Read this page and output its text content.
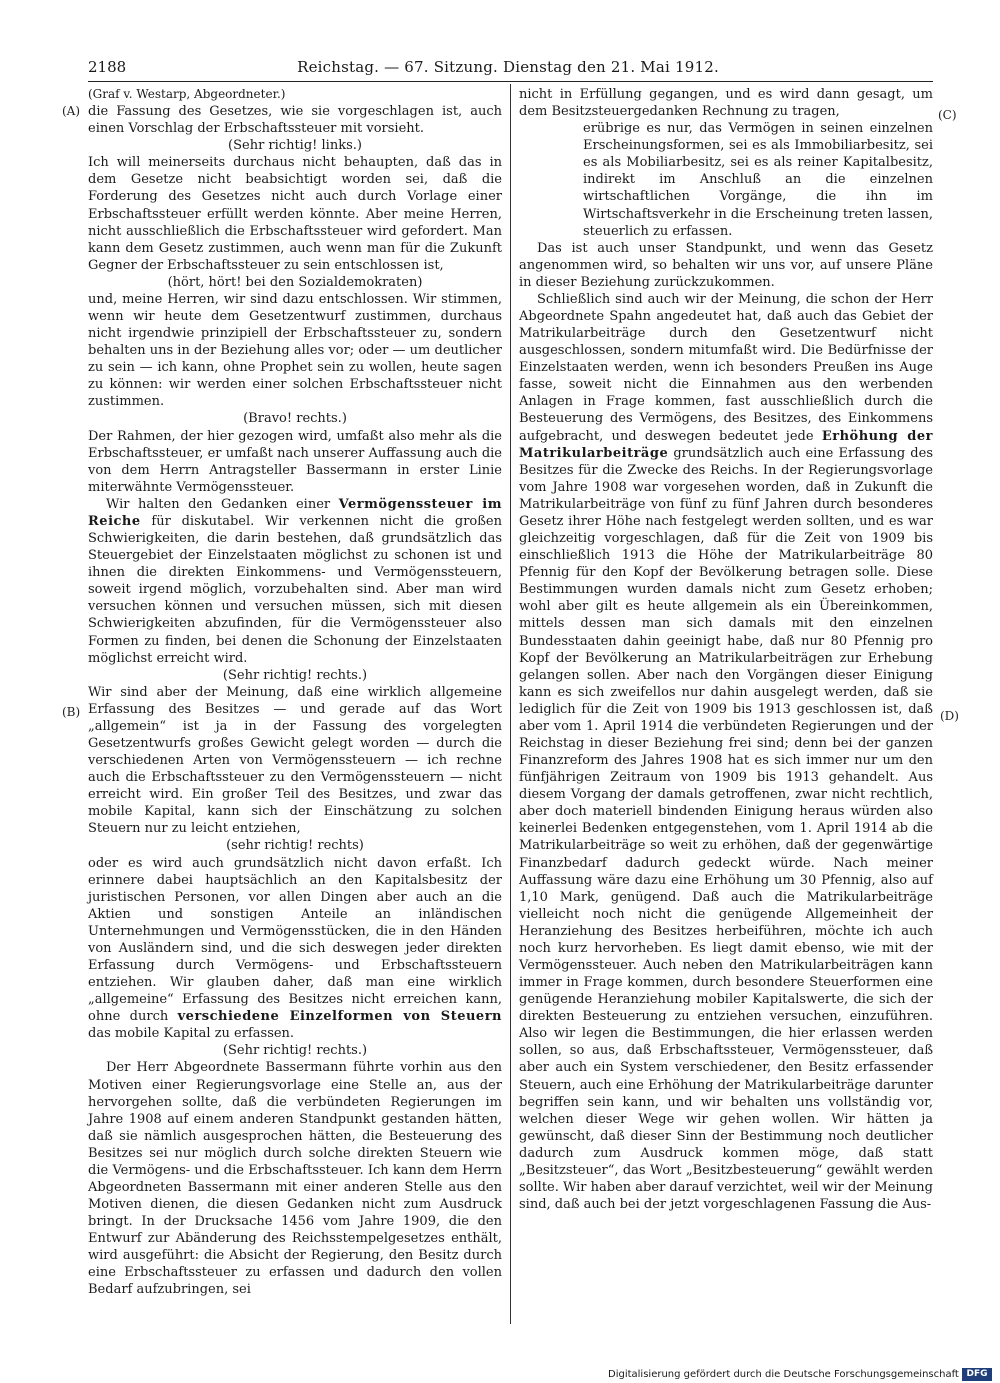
2188	Reichstag. — 67. Sitzung. Dienstag den 21. Mai 1912.
(A)
(B)
(C)
(D)

(Graf v. Westarp, Abgeordneter.)

die Fassung des Gesetzes, wie sie vorgeschlagen ist, auch einen Vorschlag der Erbschaftssteuer mit vorsieht.

(Sehr richtig! links.)

Ich will meinerseits durchaus nicht behaupten, daß das in dem Gesetze nicht beabsichtigt worden sei, daß die Forderung des Gesetzes nicht auch durch Vorlage einer Erbschaftssteuer erfüllt werden könnte. Aber meine Herren, nicht ausschließlich die Erbschaftssteuer wird gefordert. Man kann dem Gesetz zustimmen, auch wenn man für die Zukunft Gegner der Erbschaftssteuer zu sein entschlossen ist,

(hört, hört! bei den Sozialdemokraten)

und, meine Herren, wir sind dazu entschlossen. Wir stimmen, wenn wir heute dem Gesetzentwurf zustimmen, durchaus nicht irgendwie prinzipiell der Erbschaftssteuer zu, sondern behalten uns in der Beziehung alles vor; oder — um deutlicher zu sein — ich kann, ohne Prophet sein zu wollen, heute sagen zu können: wir werden einer solchen Erbschaftssteuer nicht zustimmen.

(Bravo! rechts.)

Der Rahmen, der hier gezogen wird, umfaßt also mehr als die Erbschaftssteuer, er umfaßt nach unserer Auffassung auch die von dem Herrn Antragsteller Bassermann in erster Linie miterwähnte Vermögenssteuer.

Wir halten den Gedanken einer Vermögenssteuer im Reiche für diskutabel. Wir verkennen nicht die großen Schwierigkeiten, die darin bestehen, daß grundsätzlich das Steuergebiet der Einzelstaaten möglichst zu schonen ist und ihnen die direkten Einkommens- und Vermögenssteuern, soweit irgend möglich, vorzubehalten sind. Aber man wird versuchen können und versuchen müssen, sich mit diesen Schwierigkeiten abzufinden, für die Vermögenssteuer also Formen zu finden, bei denen die Schonung der Einzelstaaten möglichst erreicht wird.

(Sehr richtig! rechts.)

Wir sind aber der Meinung, daß eine wirklich allgemeine Erfassung des Besitzes — und gerade auf das Wort „allgemein“ ist ja in der Fassung des vorgelegten Gesetzentwurfs großes Gewicht gelegt worden — durch die verschiedenen Arten von Vermögenssteuern — ich rechne auch die Erbschaftssteuer zu den Vermögenssteuern — nicht erreicht wird. Ein großer Teil des Besitzes, und zwar das mobile Kapital, kann sich der Einschätzung zu solchen Steuern nur zu leicht entziehen,

(sehr richtig! rechts)

oder es wird auch grundsätzlich nicht davon erfaßt. Ich erinnere dabei hauptsächlich an den Kapitalsbesitz der juristischen Personen, vor allen Dingen aber auch an die Aktien und sonstigen Anteile an inländischen Unternehmungen und Vermögensstücken, die in den Händen von Ausländern sind, und die sich deswegen jeder direkten Erfassung durch Vermögens- und Erbschaftssteuern entziehen. Wir glauben daher, daß man eine wirklich „allgemeine“ Erfassung des Besitzes nicht erreichen kann, ohne durch verschiedene Einzelformen von Steuern das mobile Kapital zu erfassen.

(Sehr richtig! rechts.)

Der Herr Abgeordnete Bassermann führte vorhin aus den Motiven einer Regierungsvorlage eine Stelle an, aus der hervorgehen sollte, daß die verbündeten Regierungen im Jahre 1908 auf einem anderen Standpunkt gestanden hätten, daß sie nämlich ausgesprochen hätten, die Besteuerung des Besitzes sei nur möglich durch solche direkten Steuern wie die Vermögens- und die Erbschaftssteuer. Ich kann dem Herrn Abgeordneten Bassermann mit einer anderen Stelle aus den Motiven dienen, die diesen Gedanken nicht zum Ausdruck bringt. In der Drucksache 1456 vom Jahre 1909, die den Entwurf zur Abänderung des Reichsstempelgesetzes enthält, wird ausgeführt: die Absicht der Regierung, den Besitz durch eine Erbschaftssteuer zu erfassen und dadurch den vollen Bedarf aufzubringen, sei

nicht in Erfüllung gegangen, und es wird dann gesagt, um dem Besitzsteuergedanken Rechnung zu tragen,

erübrige es nur, das Vermögen in seinen einzelnen Erscheinungsformen, sei es als Immobiliarbesitz, sei es als Mobiliarbesitz, sei es als reiner Kapitalbesitz, indirekt im Anschluß an die einzelnen wirtschaftlichen Vorgänge, die ihn im Wirtschaftsverkehr in die Erscheinung treten lassen, steuerlich zu erfassen.

Das ist auch unser Standpunkt, und wenn das Gesetz angenommen wird, so behalten wir uns vor, auf unsere Pläne in dieser Beziehung zurückzukommen.

Schließlich sind auch wir der Meinung, die schon der Herr Abgeordnete Spahn angedeutet hat, daß auch das Gebiet der Matrikularbeiträge durch den Gesetzentwurf nicht ausgeschlossen, sondern mitumfaßt wird. Die Bedürfnisse der Einzelstaaten werden, wenn ich besonders Preußen ins Auge fasse, soweit nicht die Einnahmen aus den werbenden Anlagen in Frage kommen, fast ausschließlich durch die Besteuerung des Vermögens, des Besitzes, des Einkommens aufgebracht, und deswegen bedeutet jede Erhöhung der Matrikularbeiträge grundsätzlich auch eine Erfassung des Besitzes für die Zwecke des Reichs. In der Regierungsvorlage vom Jahre 1908 war vorgesehen worden, daß in Zukunft die Matrikularbeiträge von fünf zu fünf Jahren durch besonderes Gesetz ihrer Höhe nach festgelegt werden sollten, und es war gleichzeitig vorgeschlagen, daß für die Zeit von 1909 bis einschließlich 1913 die Höhe der Matrikularbeiträge 80 Pfennig für den Kopf der Bevölkerung betragen solle. Diese Bestimmungen wurden damals nicht zum Gesetz erhoben; wohl aber gilt es heute allgemein als ein Übereinkommen, mittels dessen man sich damals mit den einzelnen Bundesstaaten dahin geeinigt habe, daß nur 80 Pfennig pro Kopf der Bevölkerung an Matrikularbeiträgen zur Erhebung gelangen sollen. Aber nach den Vorgängen dieser Einigung kann es sich zweifellos nur dahin ausgelegt werden, daß sie lediglich für die Zeit von 1909 bis 1913 geschlossen ist, daß aber vom 1. April 1914 die verbündeten Regierungen und der Reichstag in dieser Beziehung frei sind; denn bei der ganzen Finanzreform des Jahres 1908 hat es sich immer nur um den fünfjährigen Zeitraum von 1909 bis 1913 gehandelt. Aus diesem Vorgang der damals getroffenen, zwar nicht rechtlich, aber doch materiell bindenden Einigung heraus würden also keinerlei Bedenken entgegenstehen, vom 1. April 1914 ab die Matrikularbeiträge so weit zu erhöhen, daß der gegenwärtige Finanzbedarf dadurch gedeckt würde. Nach meiner Auffassung wäre dazu eine Erhöhung um 30 Pfennig, also auf 1,10 Mark, genügend. Daß auch die Matrikularbeiträge vielleicht noch nicht die genügende Allgemeinheit der Heranziehung des Besitzes herbeiführen, möchte ich auch noch kurz hervorheben. Es liegt damit ebenso, wie mit der Vermögenssteuer. Auch neben den Matrikularbeiträgen kann immer in Frage kommen, durch besondere Steuerformen eine genügende Heranziehung mobiler Kapitalswerte, die sich der direkten Besteuerung zu entziehen versuchen, einzuführen. Also wir legen die Bestimmungen, die hier erlassen werden sollen, so aus, daß Erbschaftssteuer, Vermögenssteuer, daß aber auch ein System verschiedener, den Besitz erfassender Steuern, auch eine Erhöhung der Matrikularbeiträge darunter begriffen sein kann, und wir behalten uns vollständig vor, welchen dieser Wege wir gehen wollen. Wir hätten ja gewünscht, daß dieser Sinn der Bestimmung noch deutlicher dadurch zum Ausdruck kommen möge, daß statt „Besitzsteuer“, das Wort „Besitzbesteuerung“ gewählt werden sollte. Wir haben aber darauf verzichtet, weil wir der Meinung sind, daß auch bei der jetzt vorgeschlagenen Fassung die Aus-

Digitalisierung gefördert durch die Deutsche Forschungsgemeinschaft DFG
